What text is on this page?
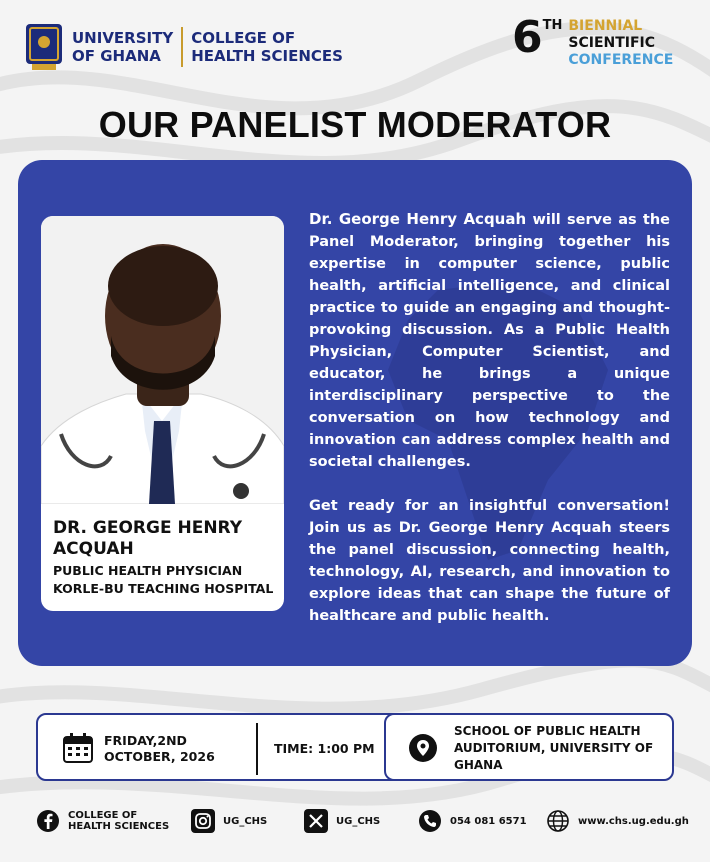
UNIVERSITY
OF GHANA
COLLEGE OF
HEALTH SCIENCES	6 TH BIENNIAL
SCIENTIFIC
CONFERENCE
OUR PANELIST MODERATOR
DR. GEORGE HENRY ACQUAH
PUBLIC HEALTH PHYSICIAN
KORLE-BU TEACHING HOSPITAL

Dr. George Henry Acquah will serve as the Panel Moderator, bringing together his expertise in computer science, public health, artificial intelligence, and clinical practice to guide an engaging and thought-provoking discussion. As a Public Health Physician, Computer Scientist, and educator, he brings a unique interdisciplinary perspective to the conversation on how technology and innovation can address complex health and societal challenges.

Get ready for an insightful conversation! Join us as Dr. George Henry Acquah steers the panel discussion, connecting health, technology, AI, research, and innovation to explore ideas that can shape the future of healthcare and public health.

FRIDAY,2ND
OCTOBER, 2026
TIME: 1:00 PM
SCHOOL OF PUBLIC HEALTH AUDITORIUM, UNIVERSITY OF GHANA
COLLEGE OF
HEALTH SCIENCES	UG_CHS	UG_CHS	054 081 6571	www.chs.ug.edu.gh
